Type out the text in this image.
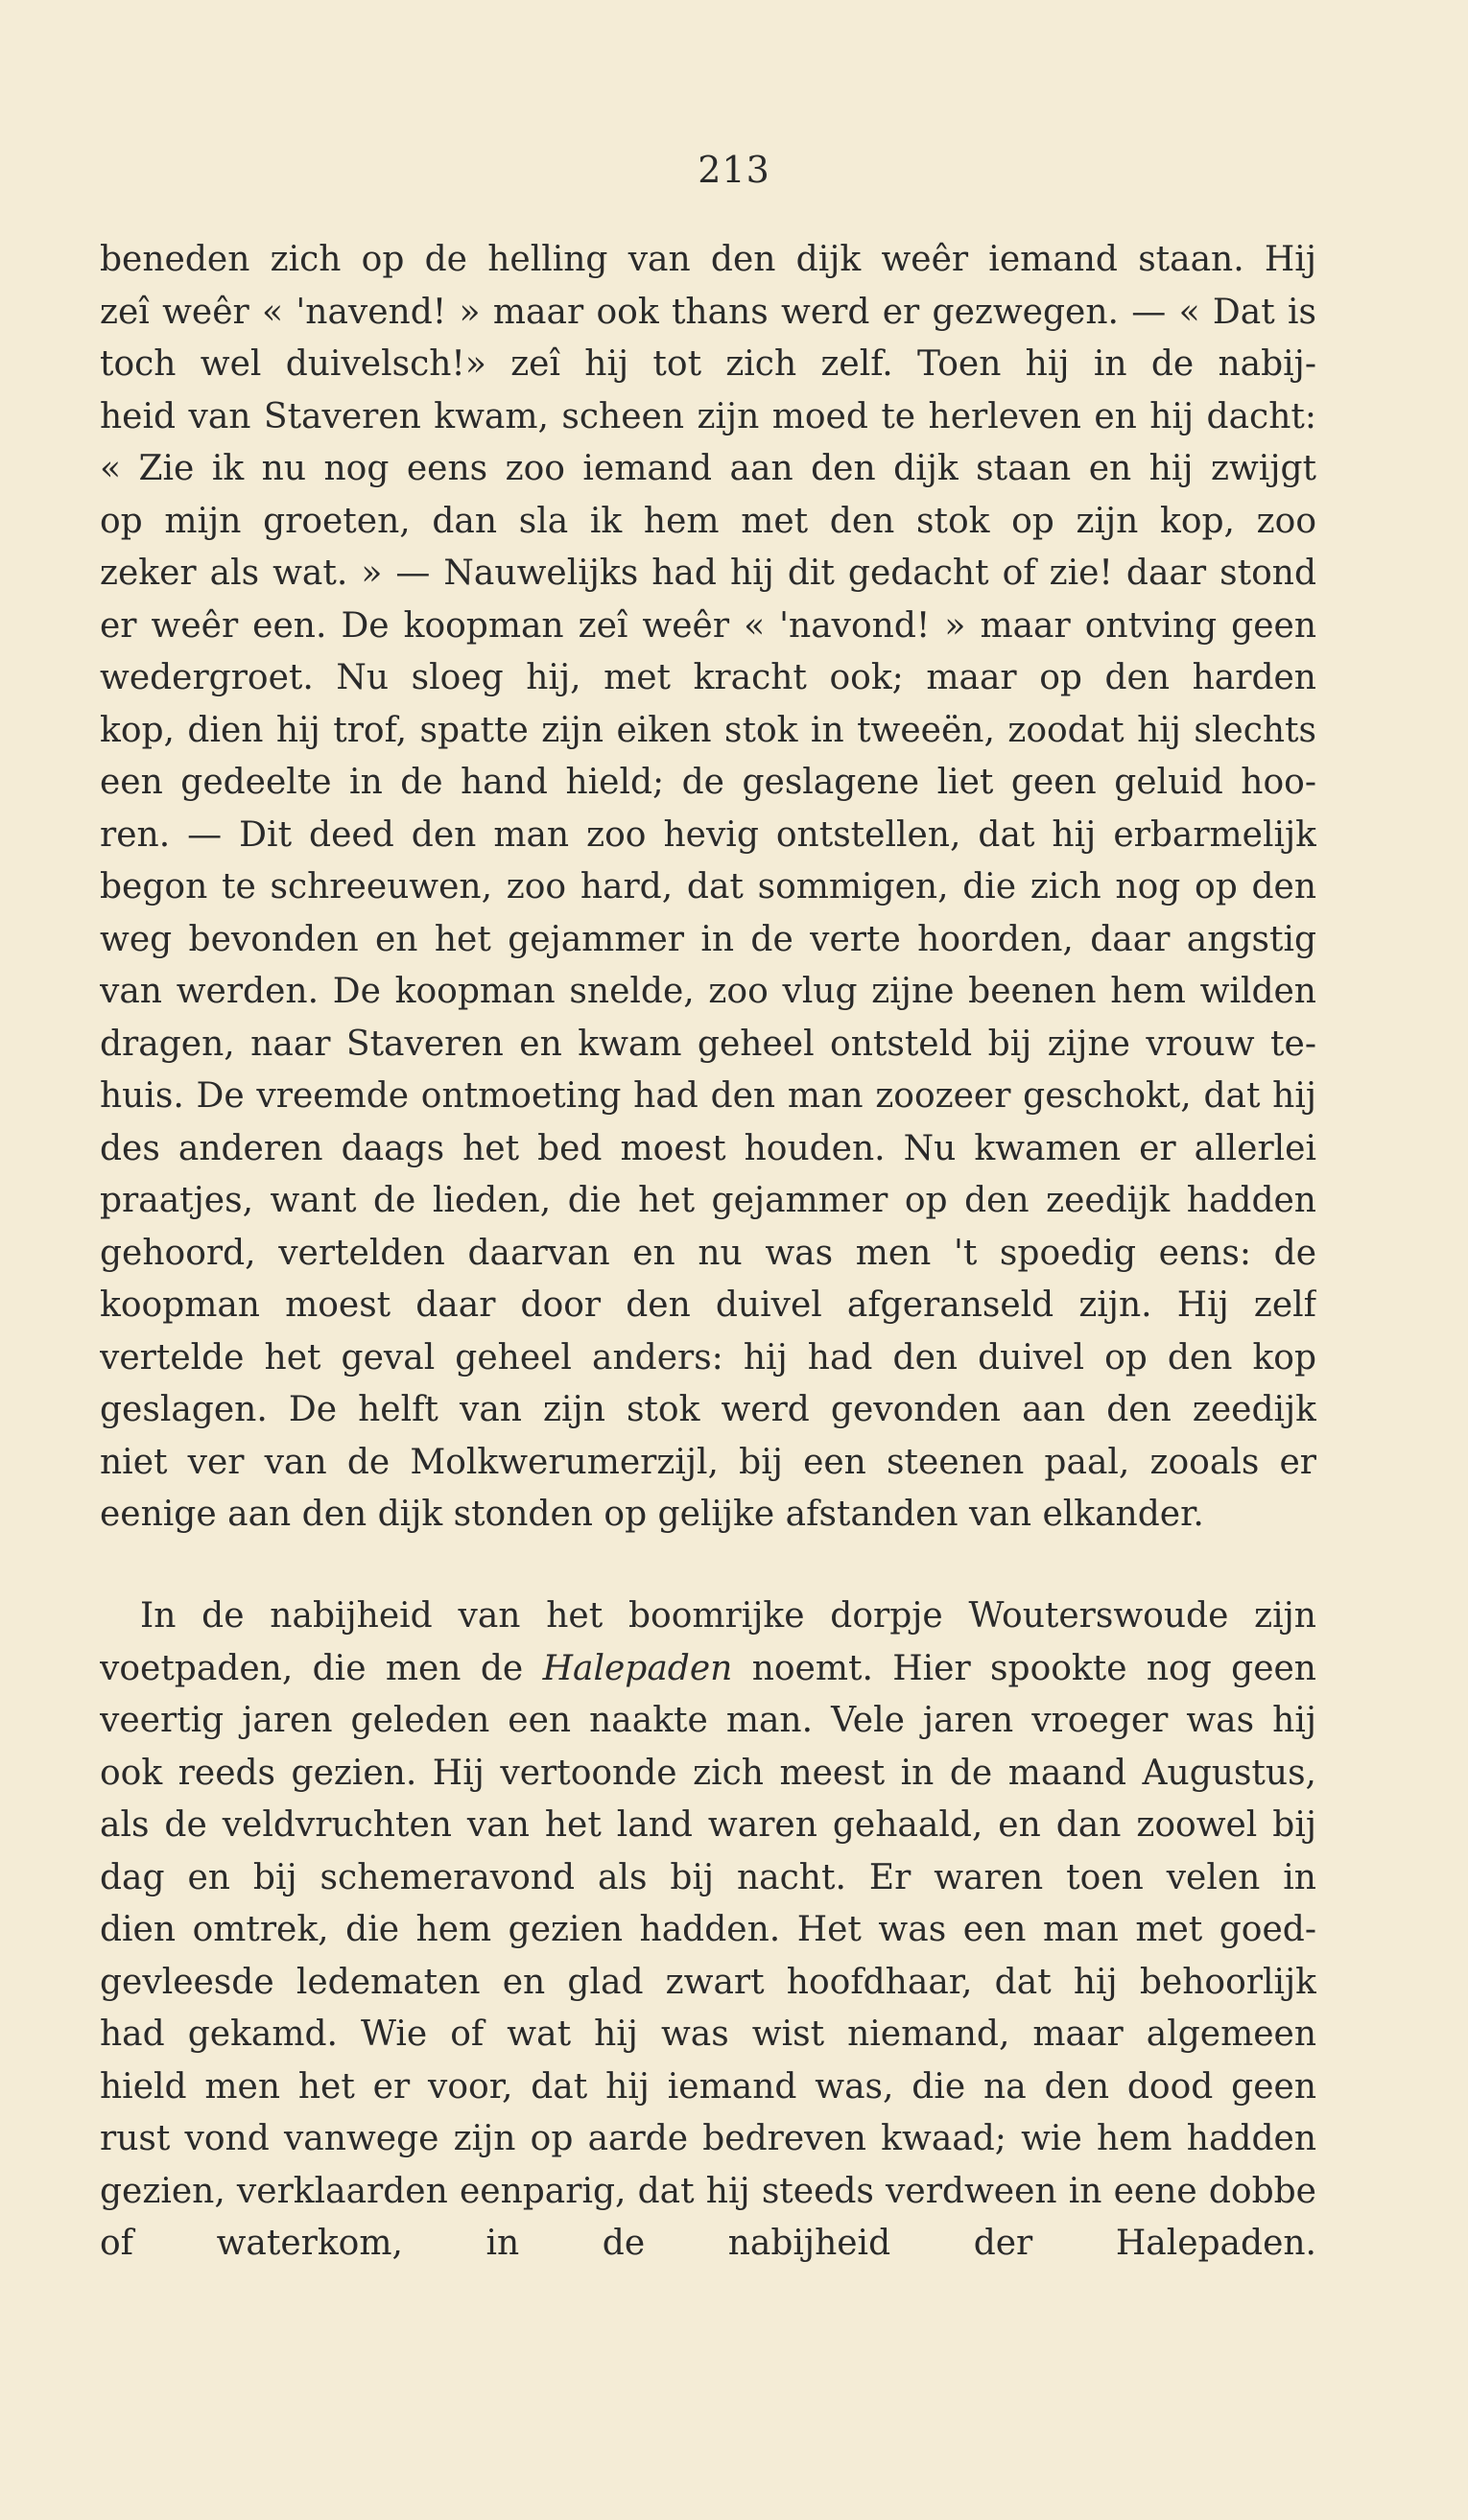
213
beneden zich op de helling van den dijk weêr iemand staan. Hij
zeî weêr « 'navend! » maar ook thans werd er gezwegen. — « Dat is
toch wel duivelsch!» zeî hij tot zich zelf. Toen hij in de nabij-
heid van Staveren kwam, scheen zijn moed te herleven en hij dacht:
« Zie ik nu nog eens zoo iemand aan den dijk staan en hij zwijgt
op mijn groeten, dan sla ik hem met den stok op zijn kop, zoo
zeker als wat. » — Nauwelijks had hij dit gedacht of zie! daar stond
er weêr een. De koopman zeî weêr « 'navond! » maar ontving geen
wedergroet. Nu sloeg hij, met kracht ook; maar op den harden
kop, dien hij trof, spatte zijn eiken stok in tweeën, zoodat hij slechts
een gedeelte in de hand hield; de geslagene liet geen geluid hoo-
ren. — Dit deed den man zoo hevig ontstellen, dat hij erbarmelijk
begon te schreeuwen, zoo hard, dat sommigen, die zich nog op den
weg bevonden en het gejammer in de verte hoorden, daar angstig
van werden. De koopman snelde, zoo vlug zijne beenen hem wilden
dragen, naar Staveren en kwam geheel ontsteld bij zijne vrouw te-
huis. De vreemde ontmoeting had den man zoozeer geschokt, dat hij
des anderen daags het bed moest houden. Nu kwamen er allerlei
praatjes, want de lieden, die het gejammer op den zeedijk hadden
gehoord, vertelden daarvan en nu was men 't spoedig eens: de
koopman moest daar door den duivel afgeranseld zijn. Hij zelf
vertelde het geval geheel anders: hij had den duivel op den kop
geslagen. De helft van zijn stok werd gevonden aan den zeedijk
niet ver van de Molkwerumerzijl, bij een steenen paal, zooals er
eenige aan den dijk stonden op gelijke afstanden van elkander.
In de nabijheid van het boomrijke dorpje Wouterswoude zijn
voetpaden, die men de Halepaden noemt. Hier spookte nog geen
veertig jaren geleden een naakte man. Vele jaren vroeger was hij
ook reeds gezien. Hij vertoonde zich meest in de maand Augustus,
als de veldvruchten van het land waren gehaald, en dan zoowel bij
dag en bij schemeravond als bij nacht. Er waren toen velen in
dien omtrek, die hem gezien hadden. Het was een man met goed-
gevleesde ledematen en glad zwart hoofdhaar, dat hij behoorlijk
had gekamd. Wie of wat hij was wist niemand, maar algemeen
hield men het er voor, dat hij iemand was, die na den dood geen
rust vond vanwege zijn op aarde bedreven kwaad; wie hem hadden
gezien, verklaarden eenparig, dat hij steeds verdween in eene dobbe
of waterkom, in de nabijheid der Halepaden.
